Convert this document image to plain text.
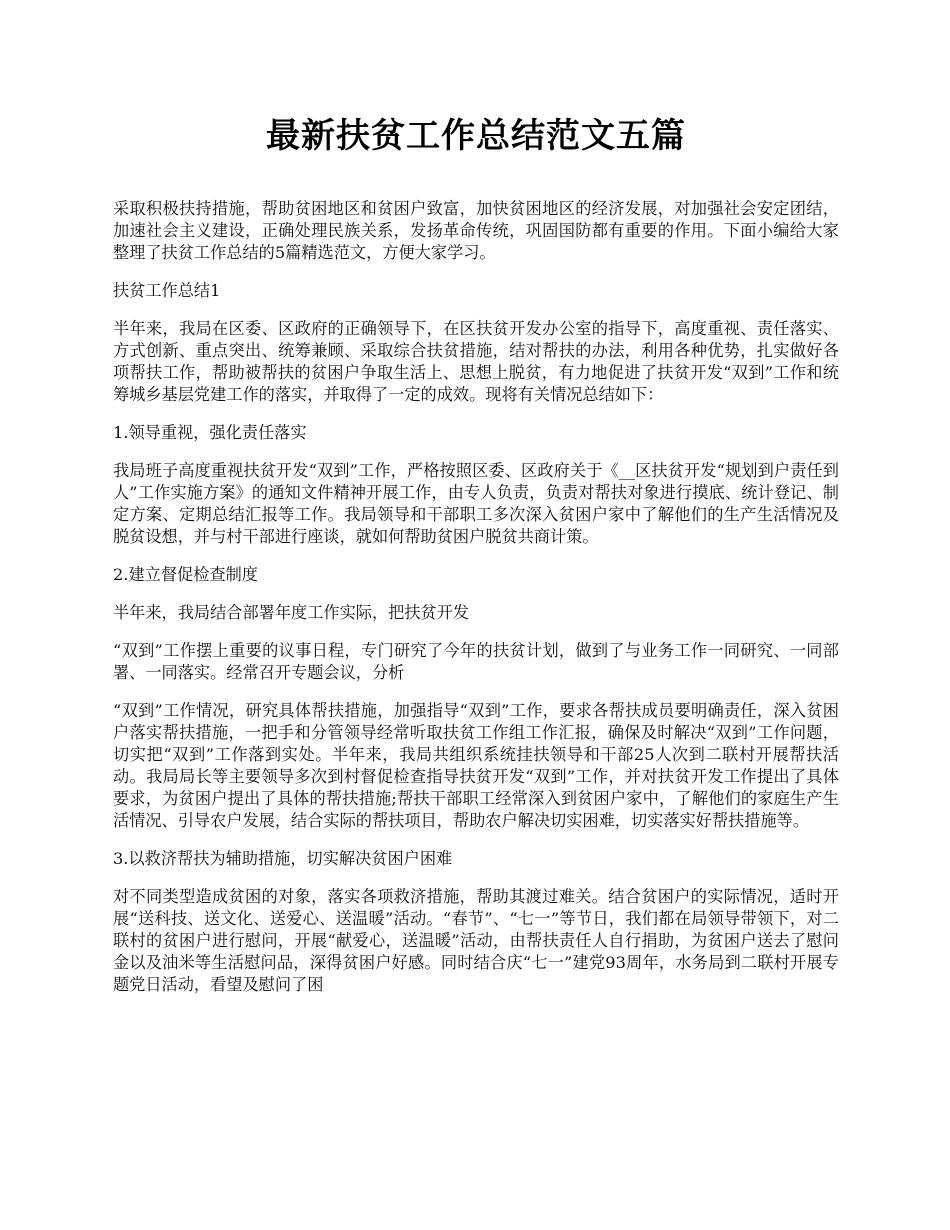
最新扶贫工作总结范文五篇

采取积极扶持措施，帮助贫困地区和贫困户致富，加快贫困地区的经济发展，对加强社会安定团结，加速社会主义建设，正确处理民族关系，发扬革命传统，巩固国防都有重要的作用。下面小编给大家整理了扶贫工作总结的5篇精选范文，方便大家学习。

扶贫工作总结1

半年来，我局在区委、区政府的正确领导下，在区扶贫开发办公室的指导下，高度重视、责任落实、方式创新、重点突出、统筹兼顾、采取综合扶贫措施，结对帮扶的办法，利用各种优势，扎实做好各项帮扶工作，帮助被帮扶的贫困户争取生活上、思想上脱贫，有力地促进了扶贫开发“双到”工作和统筹城乡基层党建工作的落实，并取得了一定的成效。现将有关情况总结如下：

1.领导重视，强化责任落实

我局班子高度重视扶贫开发“双到”工作，严格按照区委、区政府关于《__区扶贫开发“规划到户责任到人”工作实施方案》的通知文件精神开展工作，由专人负责，负责对帮扶对象进行摸底、统计登记、制定方案、定期总结汇报等工作。我局领导和干部职工多次深入贫困户家中了解他们的生产生活情况及脱贫设想，并与村干部进行座谈，就如何帮助贫困户脱贫共商计策。

2.建立督促检查制度

半年来，我局结合部署年度工作实际，把扶贫开发

“双到”工作摆上重要的议事日程，专门研究了今年的扶贫计划，做到了与业务工作一同研究、一同部署、一同落实。经常召开专题会议，分析

“双到”工作情况，研究具体帮扶措施，加强指导“双到”工作，要求各帮扶成员要明确责任，深入贫困户落实帮扶措施，一把手和分管领导经常听取扶贫工作组工作汇报，确保及时解决“双到”工作问题，切实把“双到”工作落到实处。半年来，我局共组织系统挂扶领导和干部25人次到二联村开展帮扶活动。我局局长等主要领导多次到村督促检查指导扶贫开发“双到”工作，并对扶贫开发工作提出了具体要求，为贫困户提出了具体的帮扶措施;帮扶干部职工经常深入到贫困户家中，了解他们的家庭生产生活情况、引导农户发展，结合实际的帮扶项目，帮助农户解决切实困难，切实落实好帮扶措施等。

3.以救济帮扶为辅助措施，切实解决贫困户困难

对不同类型造成贫困的对象，落实各项救济措施，帮助其渡过难关。结合贫困户的实际情况，适时开展“送科技、送文化、送爱心、送温暖”活动。“春节”、“七一”等节日，我们都在局领导带领下，对二联村的贫困户进行慰问，开展“献爱心，送温暖”活动，由帮扶责任人自行捐助，为贫困户送去了慰问金以及油米等生活慰问品，深得贫困户好感。同时结合庆“七一”建党93周年，水务局到二联村开展专题党日活动，看望及慰问了困
